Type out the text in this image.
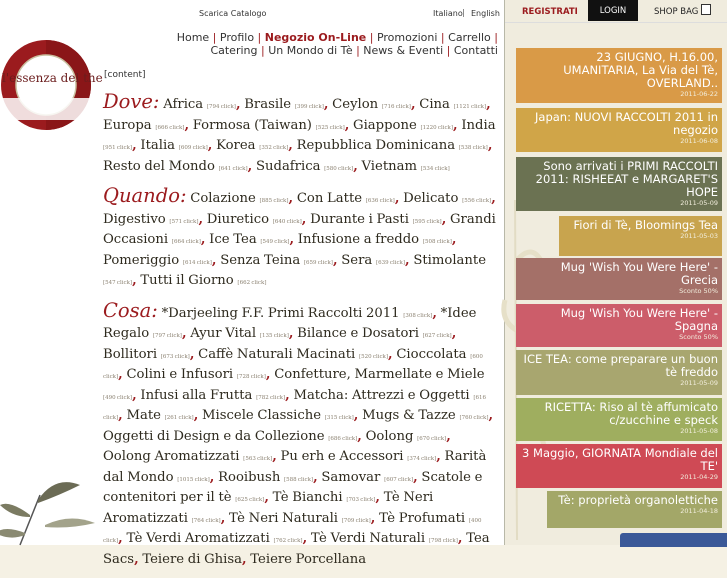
l'essenza del the
Scarica Catalogo	Italiano | English
Home | Profilo | Negozio On-Line | Promozioni | Carrello | Catering | Un Mondo di Tè | News & Eventi | Contatti
[content]
Dove: Africa [794 click], Brasile [399 click], Ceylon [716 click], Cina [1121 click], Europa [666 click], Formosa (Taiwan) [525 click], Giappone [1220 click], India [951 click], Italia [609 click], Korea [352 click], Repubblica Dominicana [538 click], Resto del Mondo [641 click], Sudafrica [580 click], Vietnam [534 click]
Quando: Colazione [885 click], Con Latte [636 click], Delicato [556 click], Digestivo [571 click], Diuretico [640 click], Durante i Pasti [595 click], Grandi Occasioni [664 click], Ice Tea [549 click], Infusione a freddo [508 click], Pomeriggio [614 click], Senza Teina [659 click], Sera [639 click], Stimolante [547 click], Tutti il Giorno [662 click]
Cosa: *Darjeeling F.F. Primi Raccolti 2011 [308 click], *Idee Regalo [797 click], Ayur Vital [135 click], Bilance e Dosatori [627 click], Bollitori [673 click], Caffè Naturali Macinati [520 click], Cioccolata [600 click], Colini e Infusori [728 click], Confetture, Marmellate e Miele [490 click], Infusi alla Frutta [782 click], Matcha: Attrezzi e Oggetti [616 click], Mate [261 click], Miscele Classiche [315 click], Mugs & Tazze [760 click], Oggetti di Design e da Collezione [686 click], Oolong [670 click], Oolong Aromatizzati [563 click], Pu erh e Accessori [374 click], Rarità dal Mondo [1015 click], Rooibush [588 click], Samovar [607 click], Scatole e contenitori per il tè [625 click], Tè Bianchi [703 click], Tè Neri Aromatizzati [764 click], Tè Neri Naturali [709 click], Tè Profumati [400 click], Tè Verdi Aromatizzati [762 click], Tè Verdi Naturali [798 click], Tea Sacs, Teiere di Ghisa, Teiere Porcellana
REGISTRATI	LOGIN	SHOP BAG
23 GIUGNO, H.16.00, UMANITARIA, La Via del Tè, OVERLAND..
2011-06-22
Japan: NUOVI RACCOLTI 2011 in negozio
2011-06-08
Sono arrivati i PRIMI RACCOLTI 2011: RISHEEAT e MARGARET'S HOPE
2011-05-09
Fiori di Tè, Bloomings Tea
2011-05-03
Mug 'Wish You Were Here' - Grecia
Sconto 50%
Mug 'Wish You Were Here' - Spagna
Sconto 50%
ICE TEA: come preparare un buon tè freddo
2011-05-09
RICETTA: Riso al tè affumicato c/zucchine e speck
2011-05-08
3 Maggio, GIORNATA Mondiale del TE'
2011-04-29
Tè: proprietà organolettiche
2011-04-18
